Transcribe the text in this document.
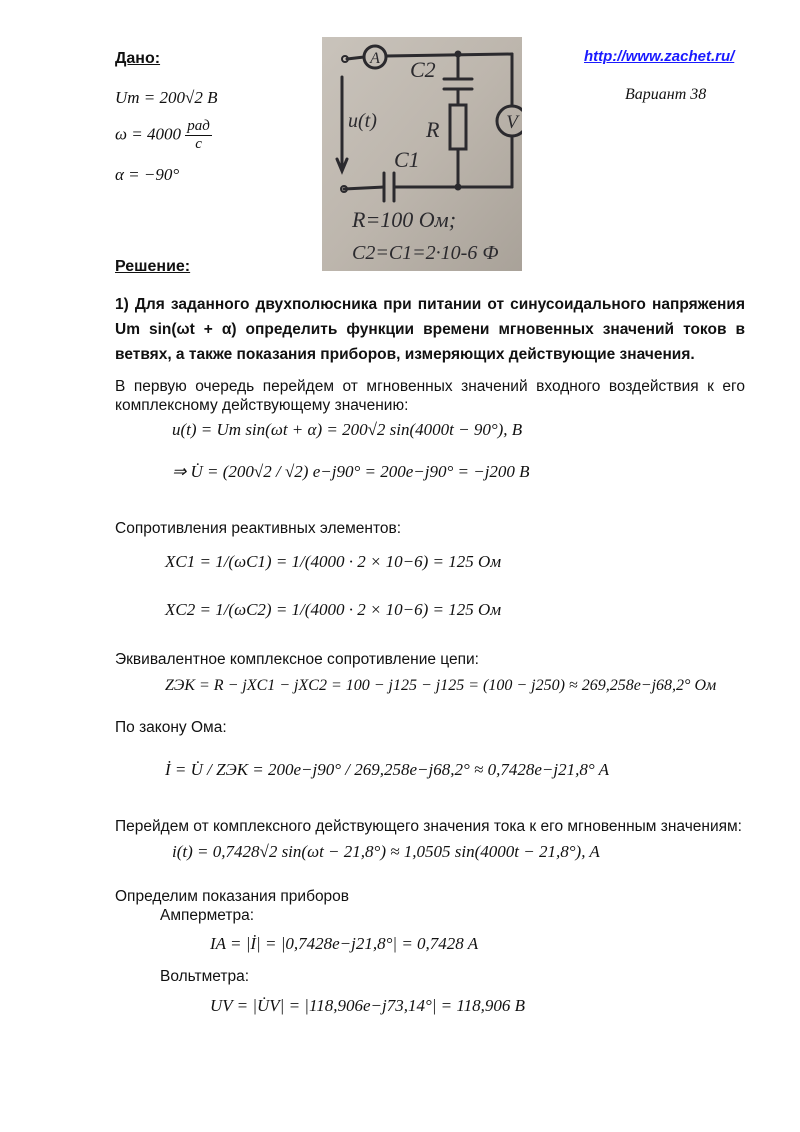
Дано:	http://www.zachet.ru/
Вариант 38
Um = 200√2 B
$\omega = 4000 \frac{\text{рад}}{с}$
α = −90°
A
V
C2
R
C1
u(t)
R=100 Ом;
C2=C1=2·10-6 Ф
Решение:
1) Для заданного двухполюсника при питании от синусоидального напряжения Um sin(ωt + α) определить функции времени мгновенных значений токов в ветвях, а также показания приборов, измеряющих действующие значения.
В первую очередь перейдем от мгновенных значений входного воздействия к его комплексному действующему значению:
u(t) = Um sin(ωt + α) = 200√2 sin(4000t − 90°), B
⇒ U̇ = (200√2 / √2) e−j90° = 200e−j90° = −j200 B
Сопротивления реактивных элементов:
XC1 = 1/(ωC1) = 1/(4000 · 2 × 10−6) = 125 Ом
XC2 = 1/(ωC2) = 1/(4000 · 2 × 10−6) = 125 Ом
Эквивалентное комплексное сопротивление цепи:
ZЭК = R − jXC1 − jXC2 = 100 − j125 − j125 = (100 − j250) ≈ 269,258e−j68,2° Ом
По закону Ома:
İ = U̇ / ZЭК = 200e−j90° / 269,258e−j68,2° ≈ 0,7428e−j21,8° A
Перейдем от комплексного действующего значения тока к его мгновенным значениям:
i(t) = 0,7428√2 sin(ωt − 21,8°) ≈ 1,0505 sin(4000t − 21,8°), A
Определим показания приборов
Амперметра:
IA = |İ| = |0,7428e−j21,8°| = 0,7428 A
Вольтметра:
UV = |U̇V| = |118,906e−j73,14°| = 118,906 B
